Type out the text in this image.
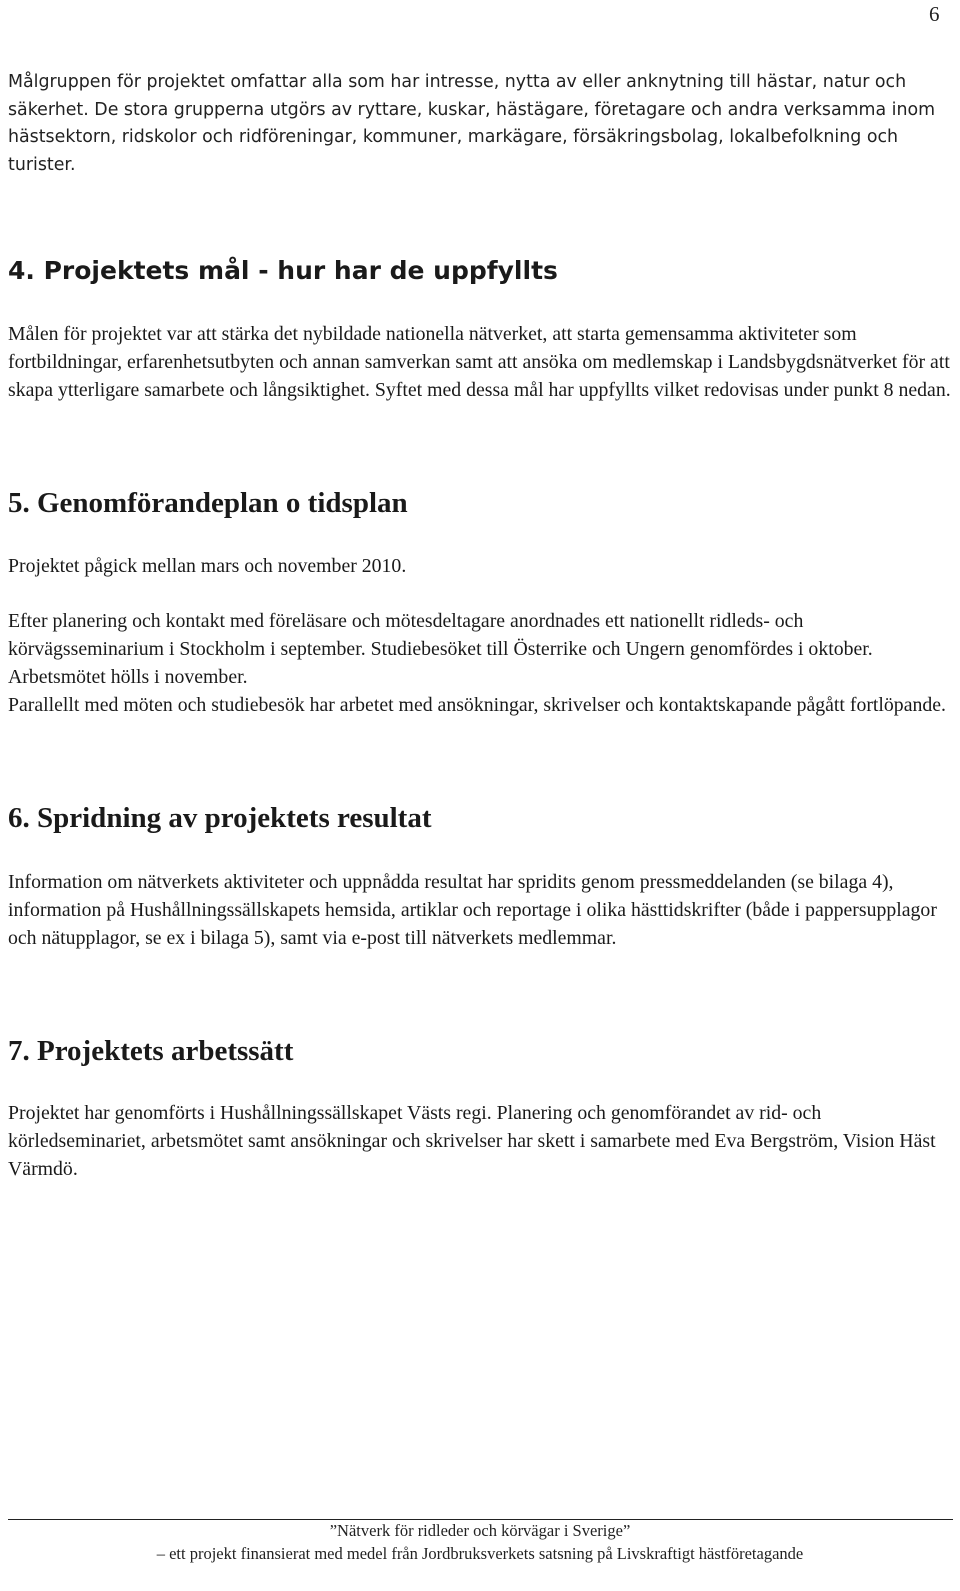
6

Målgruppen för projektet omfattar alla som har intresse, nytta av eller anknytning till hästar, natur och säkerhet. De stora grupperna utgörs av ryttare, kuskar, hästägare, företagare och andra verksamma inom hästsektorn, ridskolor och ridföreningar, kommuner, markägare, försäkringsbolag, lokalbefolkning och turister.

4. Projektets mål - hur har de uppfyllts

Målen för projektet var att stärka det nybildade nationella nätverket, att starta gemensamma aktiviteter som fortbildningar, erfarenhetsutbyten och annan samverkan samt att ansöka om medlemskap i Landsbygdsnätverket för att skapa ytterligare samarbete och långsiktighet. Syftet med dessa mål har uppfyllts vilket redovisas under punkt 8 nedan.

5. Genomförandeplan o tidsplan

Projektet pågick mellan mars och november 2010.

Efter planering och kontakt med föreläsare och mötesdeltagare anordnades ett nationellt ridleds- och körvägsseminarium i Stockholm i september. Studiebesöket till Österrike och Ungern genomfördes i oktober. Arbetsmötet hölls i november.

Parallellt med möten och studiebesök har arbetet med ansökningar, skrivelser och kontaktskapande pågått fortlöpande.

6. Spridning av projektets resultat

Information om nätverkets aktiviteter och uppnådda resultat har spridits genom pressmeddelanden (se bilaga 4), information på Hushållningssällskapets hemsida, artiklar och reportage i olika hästtidskrifter (både i pappersupplagor och nätupplagor, se ex i bilaga 5), samt via e-post till nätverkets medlemmar.

7. Projektets arbetssätt

Projektet har genomförts i Hushållningssällskapet Västs regi. Planering och genomförandet av rid- och körledseminariet, arbetsmötet samt ansökningar och skrivelser har skett i samarbete med Eva Bergström, Vision Häst Värmdö.

”Nätverk för ridleder och körvägar i Sverige”
– ett projekt finansierat med medel från Jordbruksverkets satsning på Livskraftigt hästföretagande
